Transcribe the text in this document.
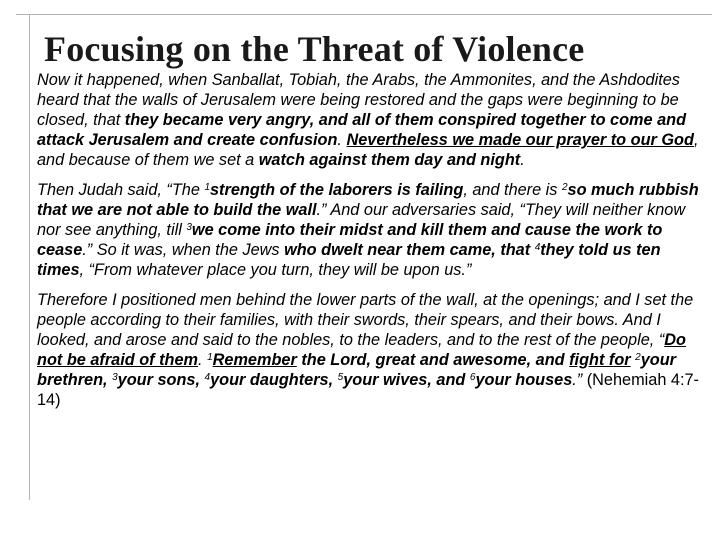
Focusing on the Threat of Violence

Now it happened, when Sanballat, Tobiah, the Arabs, the Ammonites, and the Ashdodites heard that the walls of Jerusalem were being restored and the gaps were beginning to be closed, that they became very angry, and all of them conspired together to come and attack Jerusalem and create confusion. Nevertheless we made our prayer to our God, and because of them we set a watch against them day and night.

Then Judah said, “The $^1$strength of the laborers is failing, and there is $^2$so much rubbish that we are not able to build the wall.” And our adversaries said, “They will neither know nor see anything, till $^3$we come into their midst and kill them and cause the work to cease.” So it was, when the Jews who dwelt near them came, that $^4$they told us ten times, “From whatever place you turn, they will be upon us.”

Therefore I positioned men behind the lower parts of the wall, at the openings; and I set the people according to their families, with their swords, their spears, and their bows. And I looked, and arose and said to the nobles, to the leaders, and to the rest of the people, “Do not be afraid of them. $^1$Remember the Lord, great and awesome, and fight for $^2$your brethren, $^3$your sons, $^4$your daughters, $^5$your wives, and $^6$your houses.” (Nehemiah 4:7-14)
